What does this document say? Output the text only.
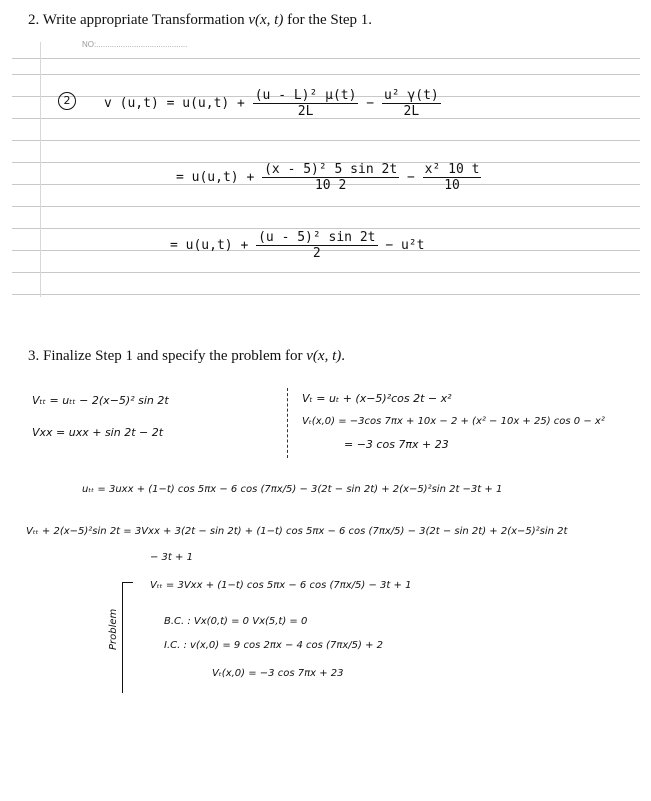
2. Write appropriate Transformation v(x, t) for the Step 1.
NO:.........................................
2	v $(u,t) = u(u,t) + \frac{\text{(u - L)² µ(t)}}{2L} - \frac{\text{u² γ(t)}}{2L}$
= $u(u,t) + \frac{\text{(x - 5)² 5 sin 2t}}{10 2} - \frac{\text{x² 10 t}}{10}$
= $u(u,t) + \frac{\text{(u - 5)² sin 2t}}{2} - u^2t$
3. Finalize Step 1 and specify the problem for v(x, t).
Vₜₜ = uₜₜ − 2(x−5)² sin 2t
Vxx = uxx + sin 2t − 2t
Vₜ = uₜ + (x−5)²cos 2t − x²
Vₜ(x,0) = −3cos 7πx + 10x − 2 + (x² − 10x + 25) cos 0 − x²
= −3 cos 7πx + 23
uₜₜ = 3uxx + (1−t) cos 5πx − 6 cos (7πx/5) − 3(2t − sin 2t) + 2(x−5)²sin 2t −3t + 1
Vₜₜ + 2(x−5)²sin 2t = 3Vxx + 3(2t − sin 2t) + (1−t) cos 5πx − 6 cos (7πx/5) − 3(2t − sin 2t) + 2(x−5)²sin 2t
− 3t + 1
Problem
Vₜₜ = 3Vxx + (1−t) cos 5πx − 6 cos (7πx/5) − 3t + 1
B.C. : Vx(0,t) = 0 Vx(5,t) = 0
I.C. : v(x,0) = 9 cos 2πx − 4 cos (7πx/5) + 2
Vₜ(x,0) = −3 cos 7πx + 23
